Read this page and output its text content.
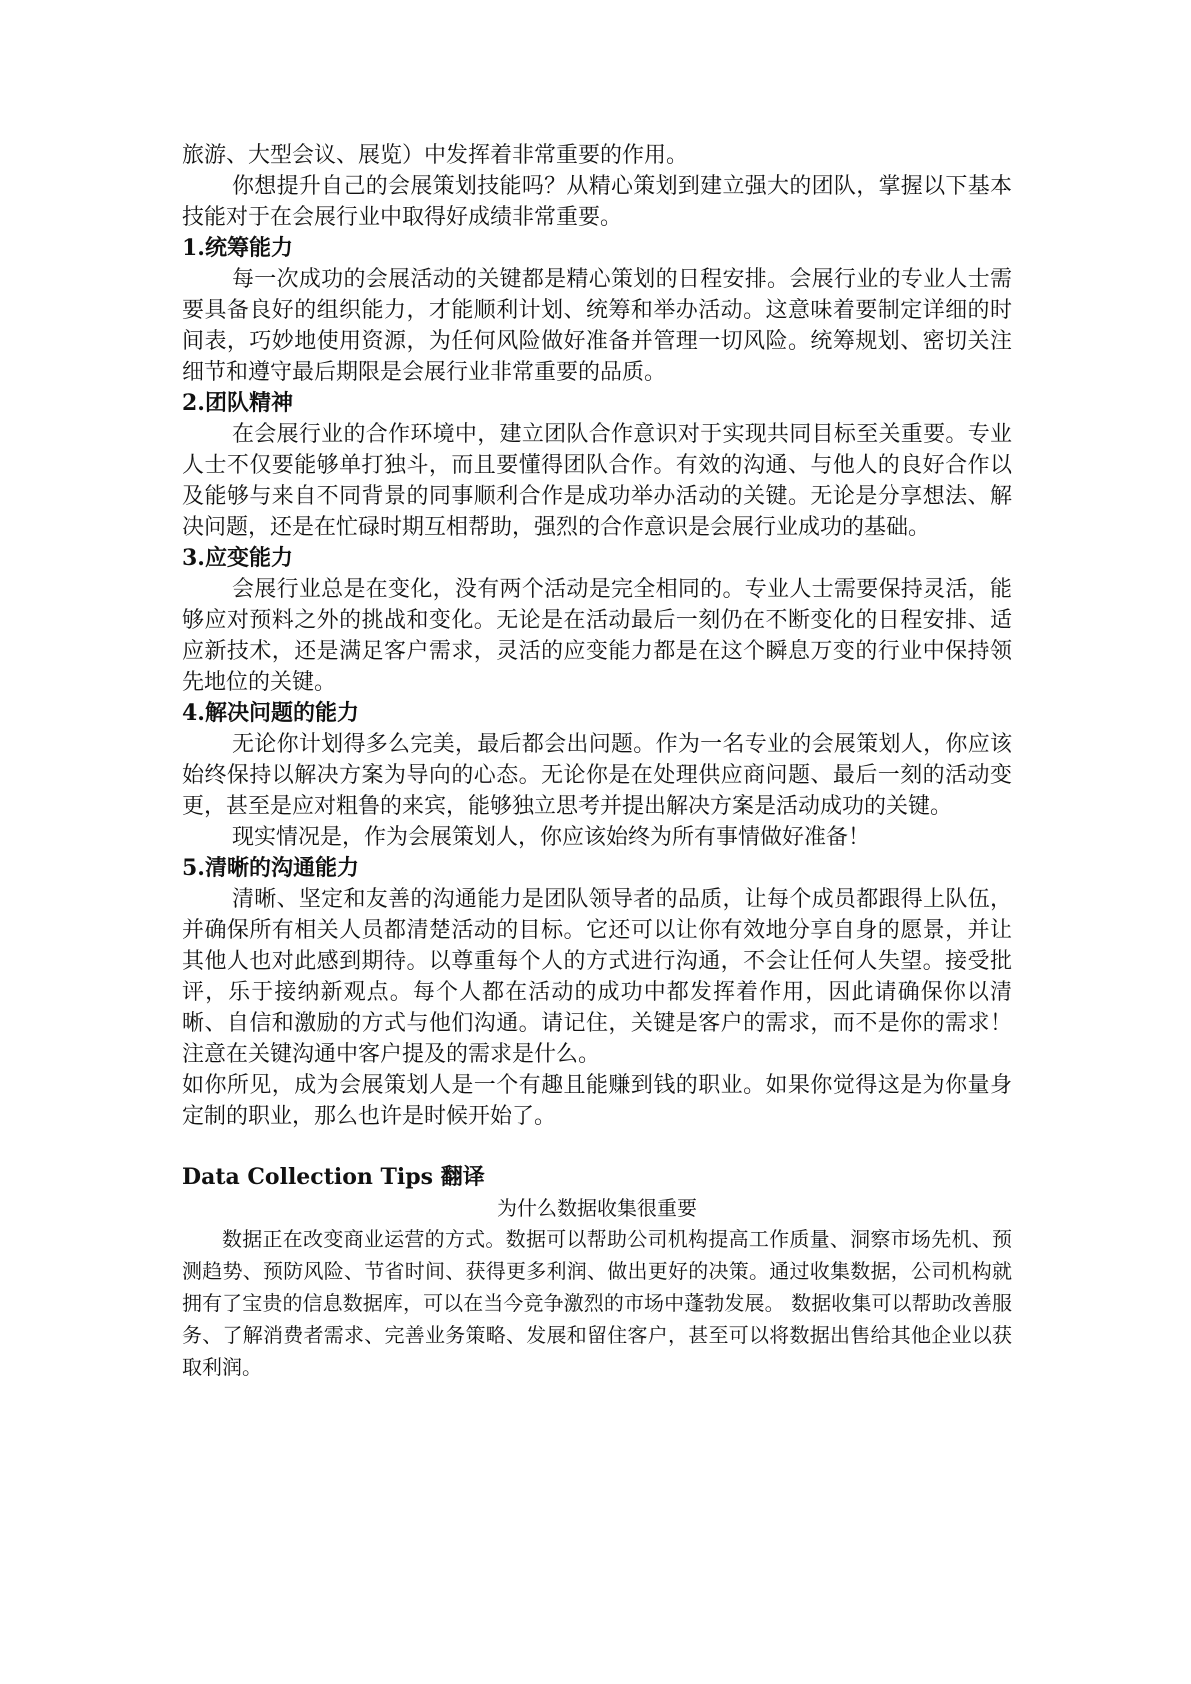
旅游、大型会议、展览）中发挥着非常重要的作用。

你想提升自己的会展策划技能吗？从精心策划到建立强大的团队，掌握以下基本技能对于在会展行业中取得好成绩非常重要。

1.统筹能力

每一次成功的会展活动的关键都是精心策划的日程安排。会展行业的专业人士需要具备良好的组织能力，才能顺利计划、统筹和举办活动。这意味着要制定详细的时间表，巧妙地使用资源，为任何风险做好准备并管理一切风险。统筹规划、密切关注细节和遵守最后期限是会展行业非常重要的品质。

2.团队精神

在会展行业的合作环境中，建立团队合作意识对于实现共同目标至关重要。专业人士不仅要能够单打独斗，而且要懂得团队合作。有效的沟通、与他人的良好合作以及能够与来自不同背景的同事顺利合作是成功举办活动的关键。无论是分享想法、解决问题，还是在忙碌时期互相帮助，强烈的合作意识是会展行业成功的基础。

3.应变能力

会展行业总是在变化，没有两个活动是完全相同的。专业人士需要保持灵活，能够应对预料之外的挑战和变化。无论是在活动最后一刻仍在不断变化的日程安排、适应新技术，还是满足客户需求，灵活的应变能力都是在这个瞬息万变的行业中保持领先地位的关键。

4.解决问题的能力

无论你计划得多么完美，最后都会出问题。作为一名专业的会展策划人，你应该始终保持以解决方案为导向的心态。无论你是在处理供应商问题、最后一刻的活动变更，甚至是应对粗鲁的来宾，能够独立思考并提出解决方案是活动成功的关键。

现实情况是，作为会展策划人，你应该始终为所有事情做好准备！

5.清晰的沟通能力

清晰、坚定和友善的沟通能力是团队领导者的品质，让每个成员都跟得上队伍，并确保所有相关人员都清楚活动的目标。它还可以让你有效地分享自身的愿景，并让其他人也对此感到期待。以尊重每个人的方式进行沟通，不会让任何人失望。接受批评，乐于接纳新观点。每个人都在活动的成功中都发挥着作用，因此请确保你以清晰、自信和激励的方式与他们沟通。请记住，关键是客户的需求，而不是你的需求！注意在关键沟通中客户提及的需求是什么。

如你所见，成为会展策划人是一个有趣且能赚到钱的职业。如果你觉得这是为你量身定制的职业，那么也许是时候开始了。

Data Collection Tips 翻译

为什么数据收集很重要

数据正在改变商业运营的方式。数据可以帮助公司机构提高工作质量、洞察市场先机、预测趋势、预防风险、节省时间、获得更多利润、做出更好的决策。通过收集数据，公司机构就拥有了宝贵的信息数据库，可以在当今竞争激烈的市场中蓬勃发展。 数据收集可以帮助改善服务、了解消费者需求、完善业务策略、发展和留住客户，甚至可以将数据出售给其他企业以获取利润。
